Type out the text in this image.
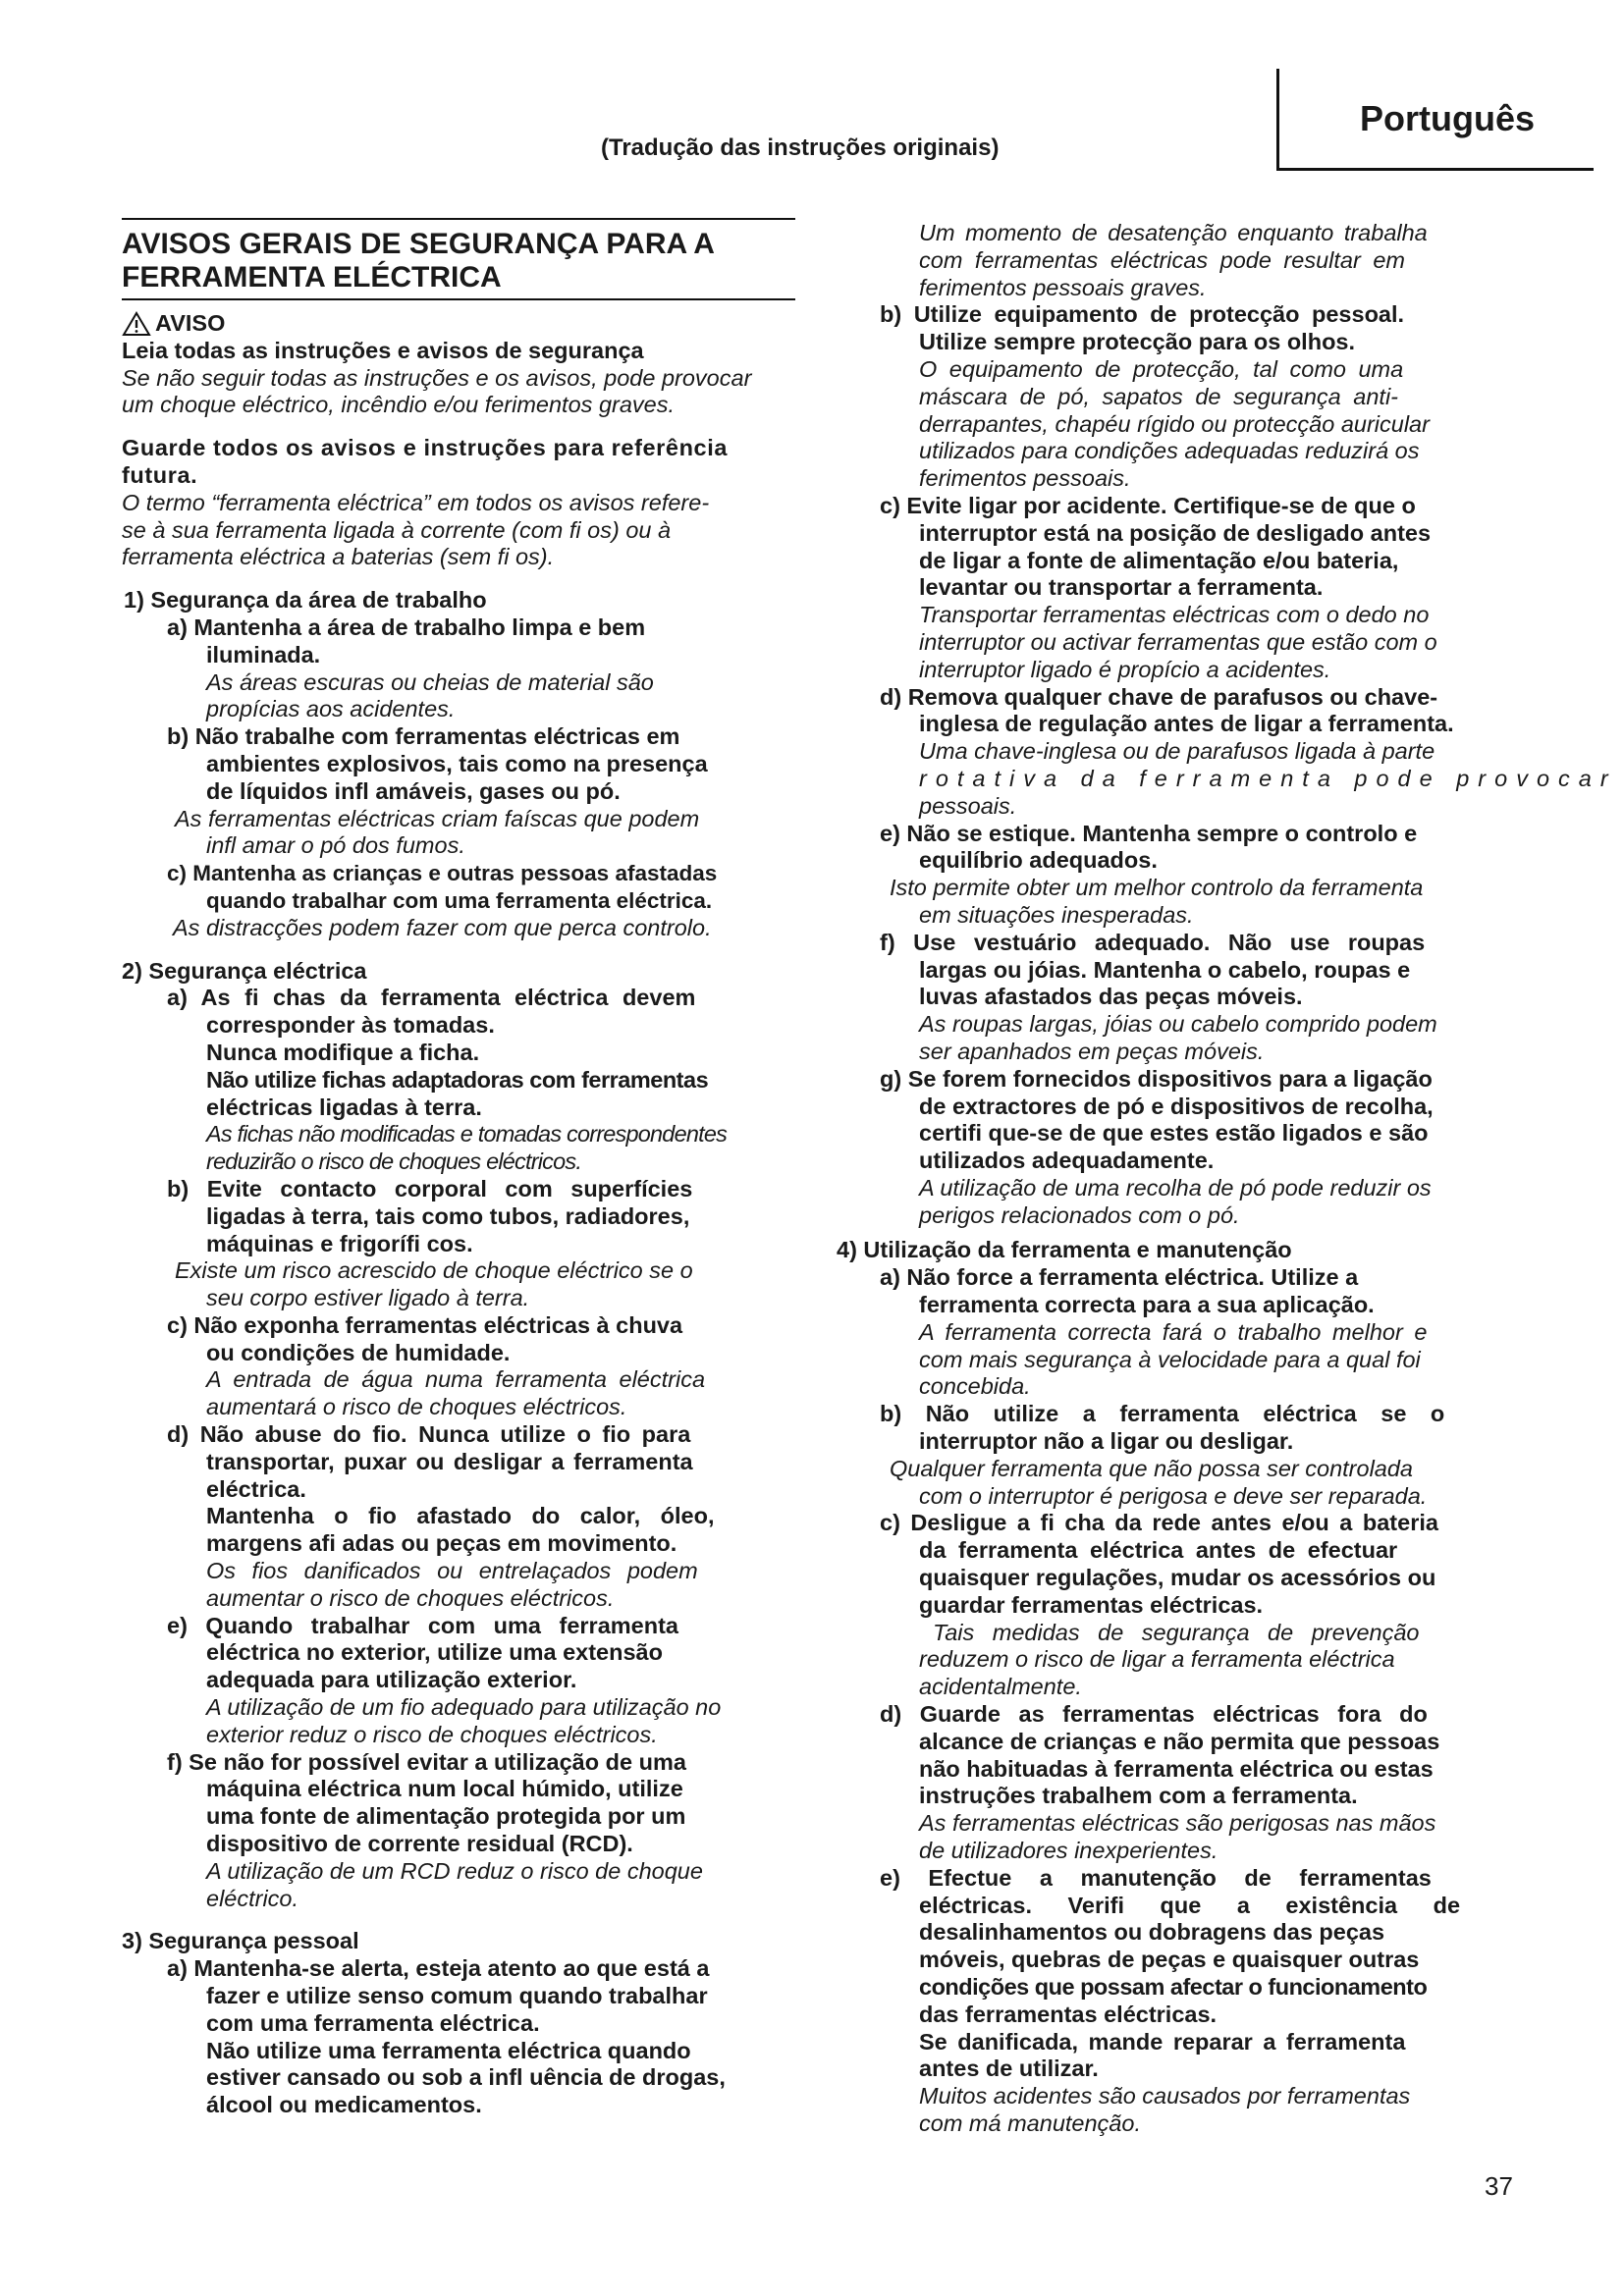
Português
(Tradução das instruções originais)
AVISOS GERAIS DE SEGURANÇA PARA A
FERRAMENTA ELÉCTRICA
AVISO
Leia todas as instruções e avisos de segurança
Se não seguir todas as instruções e os avisos, pode provocar
um choque eléctrico, incêndio e/ou ferimentos graves.
Guarde todos os avisos e instruções para referência
futura.
O termo “ferramenta eléctrica” em todos os avisos refere-
se à sua ferramenta ligada à corrente (com fi os) ou à
ferramenta eléctrica a baterias (sem fi os).
1) Segurança da área de trabalho
a) Mantenha a área de trabalho limpa e bem
iluminada.
As áreas escuras ou cheias de material são
propícias aos acidentes.
b) Não trabalhe com ferramentas eléctricas em
ambientes explosivos, tais como na presença
de líquidos infl amáveis, gases ou pó.
As ferramentas eléctricas criam faíscas que podem
infl amar o pó dos fumos.
c) Mantenha as crianças e outras pessoas afastadas
quando trabalhar com uma ferramenta eléctrica.
As distracções podem fazer com que perca controlo.
2) Segurança eléctrica
a) As fi chas da ferramenta eléctrica devem
corresponder às tomadas.
Nunca modifique a ficha.
Não utilize fichas adaptadoras com ferramentas
eléctricas ligadas à terra.
As fichas não modificadas e tomadas correspondentes
reduzirão o risco de choques eléctricos.
b) Evite contacto corporal com superfícies
ligadas à terra, tais como tubos, radiadores,
máquinas e frigorífi cos.
Existe um risco acrescido de choque eléctrico se o
seu corpo estiver ligado à terra.
c) Não exponha ferramentas eléctricas à chuva
ou condições de humidade.
A entrada de água numa ferramenta eléctrica
aumentará o risco de choques eléctricos.
d) Não abuse do fio. Nunca utilize o fio para
transportar, puxar ou desligar a ferramenta
eléctrica.
Mantenha o fio afastado do calor, óleo,
margens afi adas ou peças em movimento.
Os fios danificados ou entrelaçados podem
aumentar o risco de choques eléctricos.
e) Quando trabalhar com uma ferramenta
eléctrica no exterior, utilize uma extensão
adequada para utilização exterior.
A utilização de um fio adequado para utilização no
exterior reduz o risco de choques eléctricos.
f) Se não for possível evitar a utilização de uma
máquina eléctrica num local húmido, utilize
uma fonte de alimentação protegida por um
dispositivo de corrente residual (RCD).
A utilização de um RCD reduz o risco de choque
eléctrico.
3) Segurança pessoal
a) Mantenha-se alerta, esteja atento ao que está a
fazer e utilize senso comum quando trabalhar
com uma ferramenta eléctrica.
Não utilize uma ferramenta eléctrica quando
estiver cansado ou sob a infl uência de drogas,
álcool ou medicamentos.
Um momento de desatenção enquanto trabalha
com ferramentas eléctricas pode resultar em
ferimentos pessoais graves.
b) Utilize equipamento de protecção pessoal.
Utilize sempre protecção para os olhos.
O equipamento de protecção, tal como uma
máscara de pó, sapatos de segurança anti-
derrapantes, chapéu rígido ou protecção auricular
utilizados para condições adequadas reduzirá os
ferimentos pessoais.
c) Evite ligar por acidente. Certifique-se de que o
interruptor está na posição de desligado antes
de ligar a fonte de alimentação e/ou bateria,
levantar ou transportar a ferramenta.
Transportar ferramentas eléctricas com o dedo no
interruptor ou activar ferramentas que estão com o
interruptor ligado é propício a acidentes.
d) Remova qualquer chave de parafusos ou chave-
inglesa de regulação antes de ligar a ferramenta.
Uma chave-inglesa ou de parafusos ligada à parte
rotativa da ferramenta pode provocar
pessoais.
e) Não se estique. Mantenha sempre o controlo e
equilíbrio adequados.
Isto permite obter um melhor controlo da ferramenta
em situações inesperadas.
f) Use vestuário adequado. Não use roupas
largas ou jóias. Mantenha o cabelo, roupas e
luvas afastados das peças móveis.
As roupas largas, jóias ou cabelo comprido podem
ser apanhados em peças móveis.
g) Se forem fornecidos dispositivos para a ligação
de extractores de pó e dispositivos de recolha,
certifi que-se de que estes estão ligados e são
utilizados adequadamente.
A utilização de uma recolha de pó pode reduzir os
perigos relacionados com o pó.
4) Utilização da ferramenta e manutenção
a) Não force a ferramenta eléctrica. Utilize a
ferramenta correcta para a sua aplicação.
A ferramenta correcta fará o trabalho melhor e
com mais segurança à velocidade para a qual foi
concebida.
b) Não utilize a ferramenta eléctrica se o
interruptor não a ligar ou desligar.
Qualquer ferramenta que não possa ser controlada
com o interruptor é perigosa e deve ser reparada.
c) Desligue a fi cha da rede antes e/ou a bateria
da ferramenta eléctrica antes de efectuar
quaisquer regulações, mudar os acessórios ou
guardar ferramentas eléctricas.
Tais medidas de segurança de prevenção
reduzem o risco de ligar a ferramenta eléctrica
acidentalmente.
d) Guarde as ferramentas eléctricas fora do
alcance de crianças e não permita que pessoas
não habituadas à ferramenta eléctrica ou estas
instruções trabalhem com a ferramenta.
As ferramentas eléctricas são perigosas nas mãos
de utilizadores inexperientes.
e) Efectue a manutenção de ferramentas
eléctricas. Verifi que a existência de
desalinhamentos ou dobragens das peças
móveis, quebras de peças e quaisquer outras
condições que possam afectar o funcionamento
das ferramentas eléctricas.
Se danificada, mande reparar a ferramenta
antes de utilizar.
Muitos acidentes são causados por ferramentas
com má manutenção.
37
